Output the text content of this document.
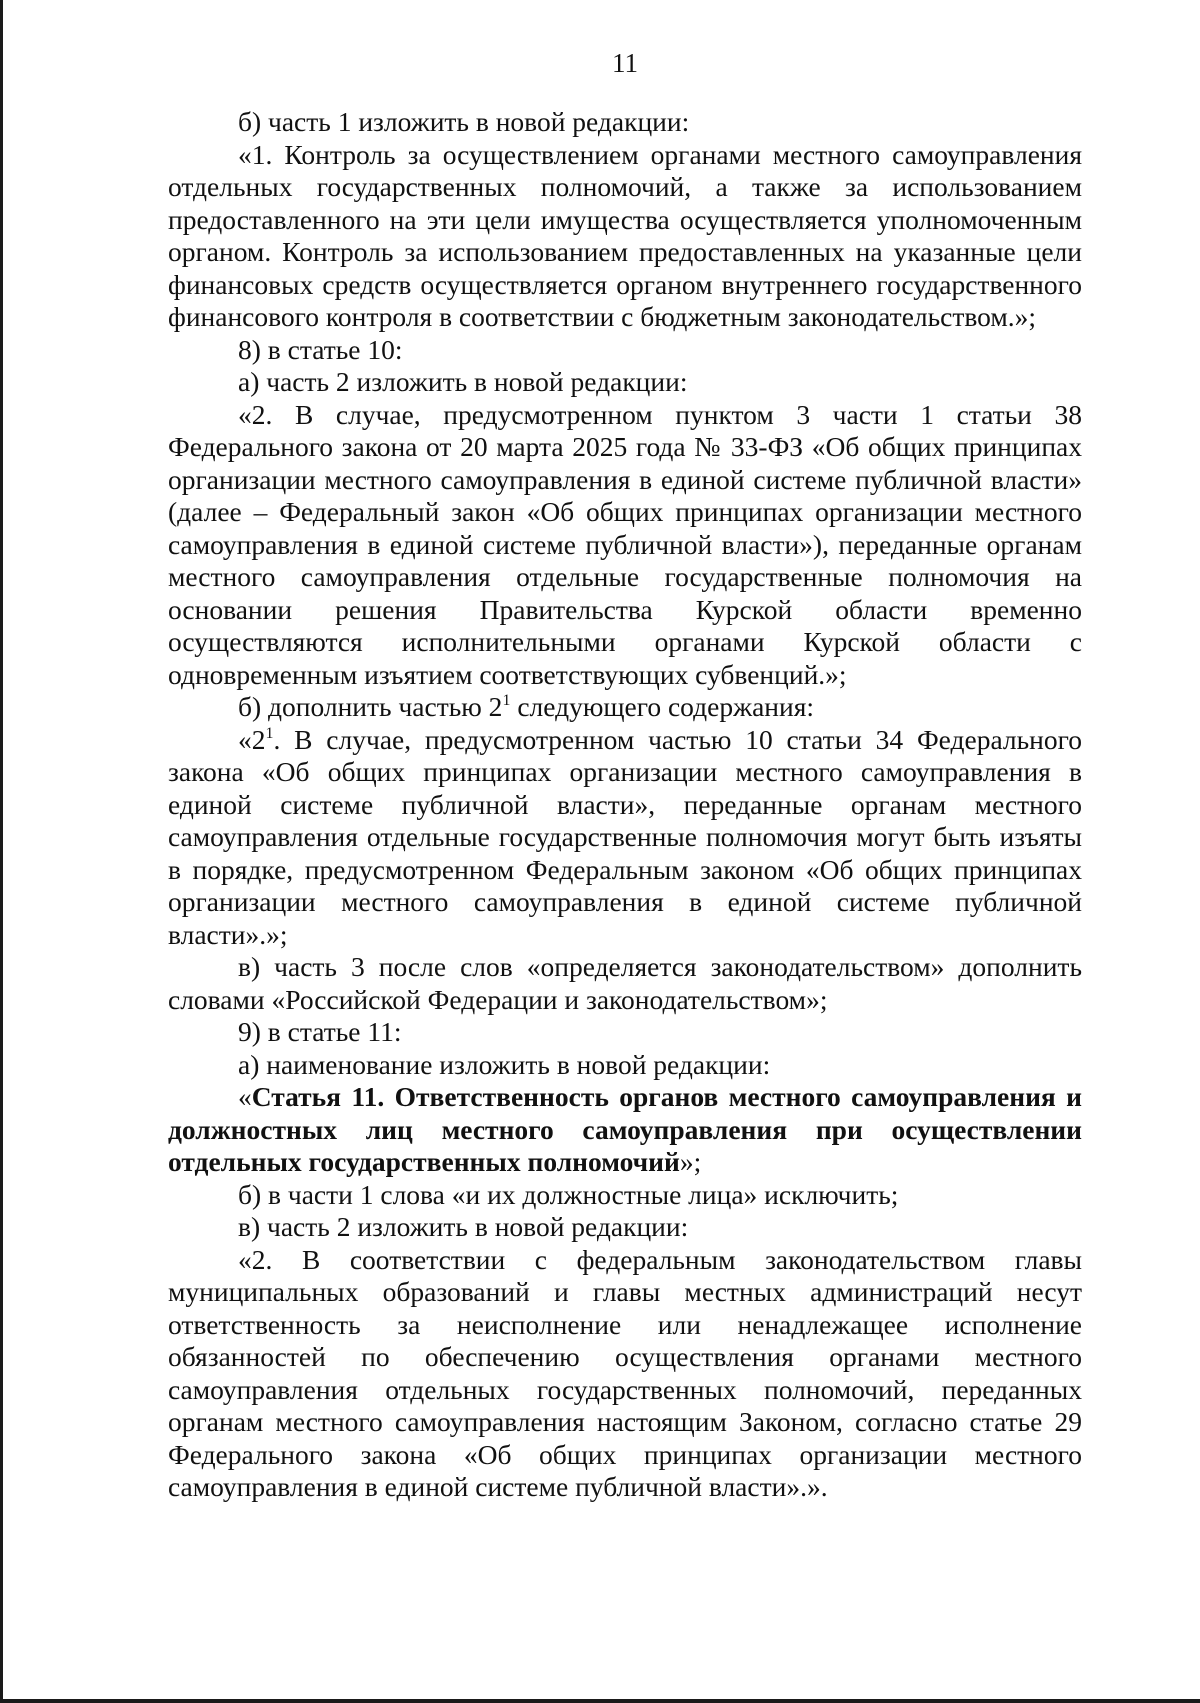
11

б) часть 1 изложить в новой редакции:

«1. Контроль за осуществлением органами местного самоуправления отдельных государственных полномочий, а также за использованием предоставленного на эти цели имущества осуществляется уполномоченным органом. Контроль за использованием предоставленных на указанные цели финансовых средств осуществляется органом внутреннего государственного финансового контроля в соответствии с бюджетным законодательством.»;

8) в статье 10:

а) часть 2 изложить в новой редакции:

«2. В случае, предусмотренном пунктом 3 части 1 статьи 38 Федерального закона от 20 марта 2025 года № 33-ФЗ «Об общих принципах организации местного самоуправления в единой системе публичной власти» (далее – Федеральный закон «Об общих принципах организации местного самоуправления в единой системе публичной власти»), переданные органам местного самоуправления отдельные государственные полномочия на основании решения Правительства Курской области временно осуществляются исполнительными органами Курской области с одновременным изъятием соответствующих субвенций.»;

б) дополнить частью $2^1$ следующего содержания:

«$2^1$. В случае, предусмотренном частью 10 статьи 34 Федерального закона «Об общих принципах организации местного самоуправления в единой системе публичной власти», переданные органам местного самоуправления отдельные государственные полномочия могут быть изъяты в порядке, предусмотренном Федеральным законом «Об общих принципах организации местного самоуправления в единой системе публичной власти».»;

в) часть 3 после слов «определяется законодательством» дополнить словами «Российской Федерации и законодательством»;

9) в статье 11:

а) наименование изложить в новой редакции:

«Статья 11. Ответственность органов местного самоуправления и должностных лиц местного самоуправления при осуществлении отдельных государственных полномочий»;

б) в части 1 слова «и их должностные лица» исключить;

в) часть 2 изложить в новой редакции:

«2. В соответствии с федеральным законодательством главы муниципальных образований и главы местных администраций несут ответственность за неисполнение или ненадлежащее исполнение обязанностей по обеспечению осуществления органами местного самоуправления отдельных государственных полномочий, переданных органам местного самоуправления настоящим Законом, согласно статье 29 Федерального закона «Об общих принципах организации местного самоуправления в единой системе публичной власти».».
